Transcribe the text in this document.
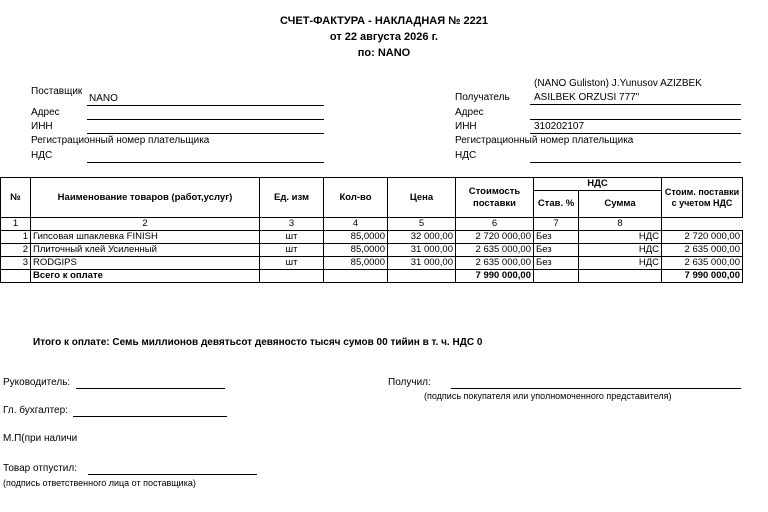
СЧЕТ-ФАКТУРА - НАКЛАДНАЯ № 2221
от 22 августа 2026 г.
по: NANO
Поставщик
NANO
Адрес
ИНН
Регистрационный номер плательщика
НДС
(NANO Guliston) J.Yunusov AZIZBEK
Получатель ASILBEK ORZUSI 777"
Адрес
ИНН	310202107
Регистрационный номер плательщика
НДС
№	Наименование товаров (работ,услуг)	Ед. изм	Кол-во	Цена	Стоимость поставки	НДС		Стоим. поставки с учетом НДС
						Став. %	Сумма	
1	2	3	4	5	6	7	8	
1	Гипсовая шпаклевка FINISH	шт	85,0000	32 000,00	2 720 000,00	Без	НДС	2 720 000,00
2	Плиточный клей Усиленный	шт	85,0000	31 000,00	2 635 000,00	Без	НДС	2 635 000,00
3	RODGIPS	шт	85,0000	31 000,00	2 635 000,00	Без	НДС	2 635 000,00
	Всего к оплате				7 990 000,00			7 990 000,00
Итого к оплате: Семь миллионов девятьсот девяносто тысяч сумов 00 тийин в т. ч. НДС 0
Руководитель:	Получил:
(подпись покупателя или уполномоченного представителя)
Гл. бухгалтер:
М.П(при наличи
Товар отпустил:
(подпись ответственного лица от поставщика)
